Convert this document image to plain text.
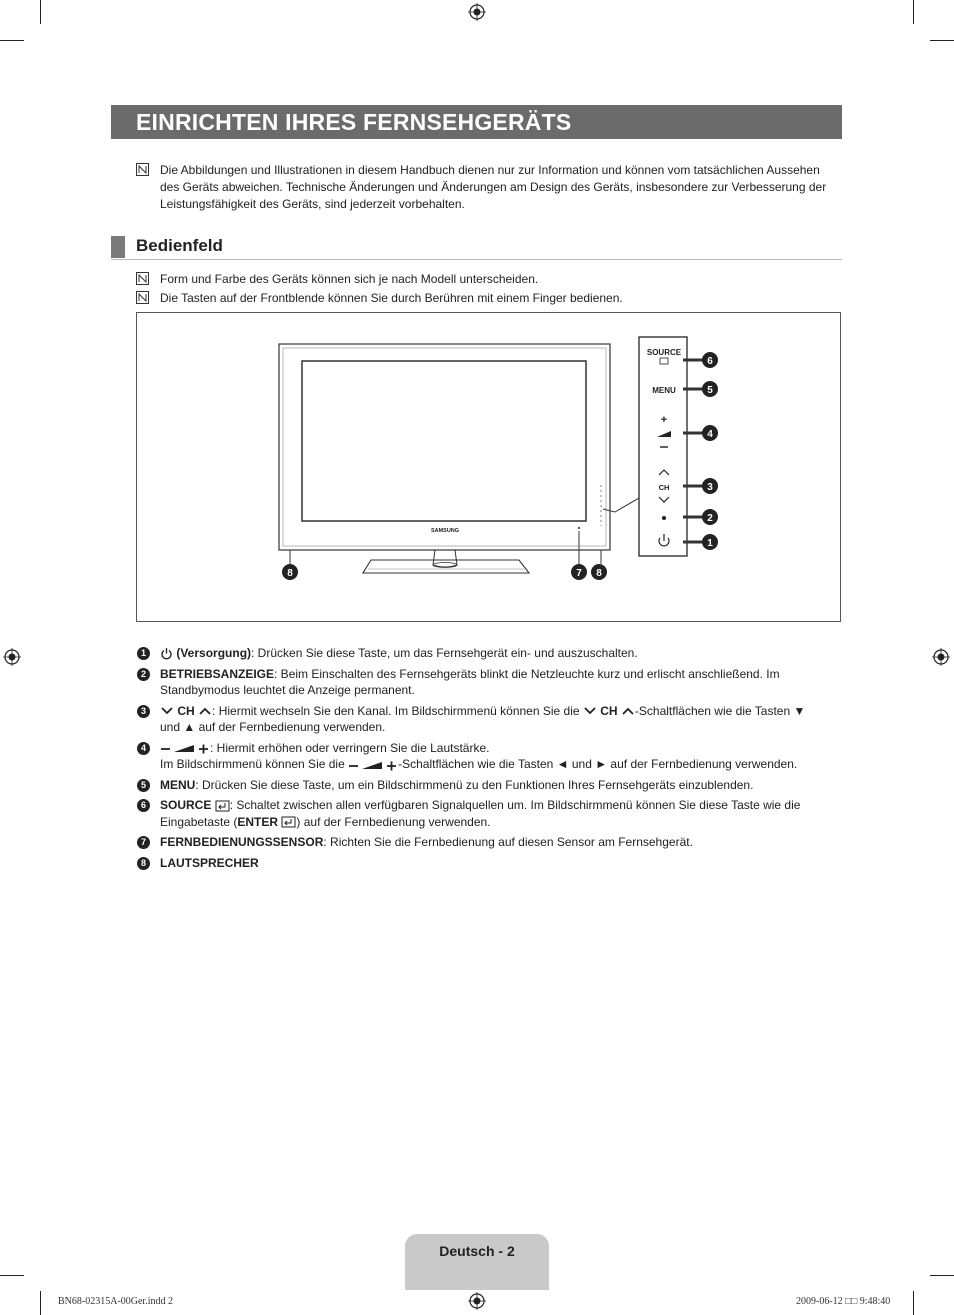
EINRICHTEN IHRES FERNSEHGERÄTS
Die Abbildungen und Illustrationen in diesem Handbuch dienen nur zur Information und können vom tatsächlichen Aussehen des Geräts abweichen. Technische Änderungen und Änderungen am Design des Geräts, insbesondere zur Verbesserung der Leistungsfähigkeit des Geräts, sind jederzeit vorbehalten.
Bedienfeld
Form und Farbe des Geräts können sich je nach Modell unterscheiden.
Die Tasten auf der Frontblende können Sie durch Berühren mit einem Finger bedienen.
SAMSUNG
SOURCE
MENU
+
CH
6
5
4
3
2
1
8	7 8
1	(Versorgung): Drücken Sie diese Taste, um das Fernsehgerät ein- und auszuschalten.
2	BETRIEBSANZEIGE: Beim Einschalten des Fernsehgeräts blinkt die Netzleuchte kurz und erlischt anschließend. Im Standbymodus leuchtet die Anzeige permanent.
3	CH : Hiermit wechseln Sie den Kanal. Im Bildschirmmenü können Sie die CH -Schaltflächen wie die Tasten ▼ und ▲ auf der Fernbedienung verwenden.
4	: Hiermit erhöhen oder verringern Sie die Lautstärke.
Im Bildschirmmenü können Sie die	-Schaltflächen wie die Tasten ◄ und ► auf der Fernbedienung verwenden.
5	MENU: Drücken Sie diese Taste, um ein Bildschirmmenü zu den Funktionen Ihres Fernsehgeräts einzublenden.
6	SOURCE : Schaltet zwischen allen verfügbaren Signalquellen um. Im Bildschirmmenü können Sie diese Taste wie die Eingabetaste (ENTER ) auf der Fernbedienung verwenden.
7	FERNBEDIENUNGSSENSOR: Richten Sie die Fernbedienung auf diesen Sensor am Fernsehgerät.
8	LAUTSPRECHER
Deutsch - 2
BN68-02315A-00Ger.indd 2	2009-06-12 □□ 9:48:40
